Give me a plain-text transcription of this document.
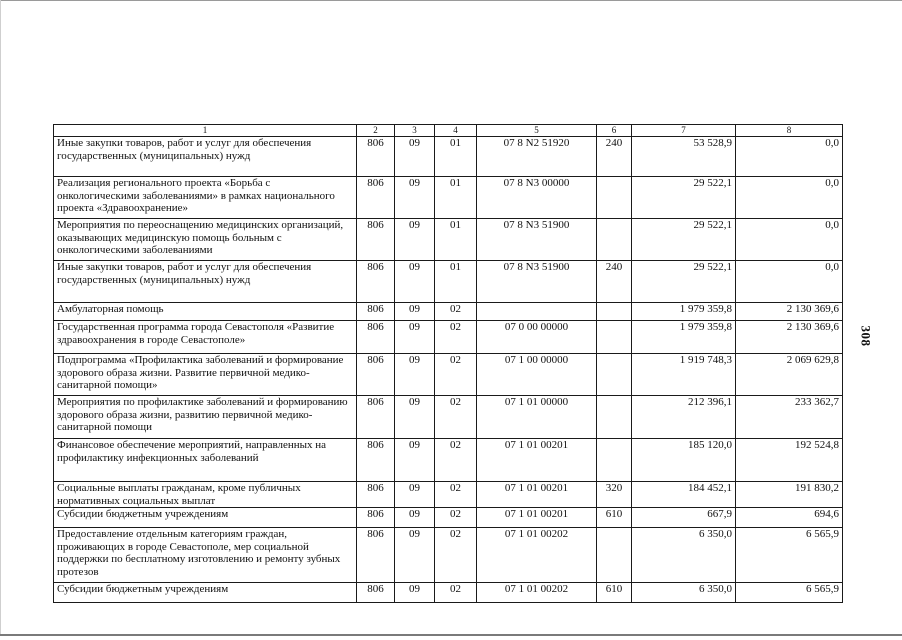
1	2	3	4	5	6	7	8
Иные закупки товаров, работ и услуг для обеспечения государственных (муниципальных) нужд	806	09	01	07 8 N2 51920	240	53 528,9	0,0
Реализация регионального проекта «Борьба с онкологическими заболеваниями» в рамках национального проекта «Здравоохранение»	806	09	01	07 8 N3 00000		29 522,1	0,0
Мероприятия по переоснащению медицинских организаций, оказывающих медицинскую помощь больным с онкологическими заболеваниями	806	09	01	07 8 N3 51900		29 522,1	0,0
Иные закупки товаров, работ и услуг для обеспечения государственных (муниципальных) нужд	806	09	01	07 8 N3 51900	240	29 522,1	0,0
Амбулаторная помощь	806	09	02			1 979 359,8	2 130 369,6
Государственная программа города Севастополя «Развитие здравоохранения в городе Севастополе»	806	09	02	07 0 00 00000		1 979 359,8	2 130 369,6
Подпрограмма «Профилактика заболеваний и формирование здорового образа жизни. Развитие первичной медико-санитарной помощи»	806	09	02	07 1 00 00000		1 919 748,3	2 069 629,8
Мероприятия по профилактике заболеваний и формированию здорового образа жизни, развитию первичной медико-санитарной помощи	806	09	02	07 1 01 00000		212 396,1	233 362,7
Финансовое обеспечение мероприятий, направленных на профилактику инфекционных заболеваний	806	09	02	07 1 01 00201		185 120,0	192 524,8
Социальные выплаты гражданам, кроме публичных нормативных социальных выплат	806	09	02	07 1 01 00201	320	184 452,1	191 830,2
Субсидии бюджетным учреждениям	806	09	02	07 1 01 00201	610	667,9	694,6
Предоставление отдельным категориям граждан, проживающих в городе Севастополе, мер социальной поддержки по бесплатному изготовлению и ремонту зубных протезов	806	09	02	07 1 01 00202		6 350,0	6 565,9
Субсидии бюджетным учреждениям	806	09	02	07 1 01 00202	610	6 350,0	6 565,9
308
